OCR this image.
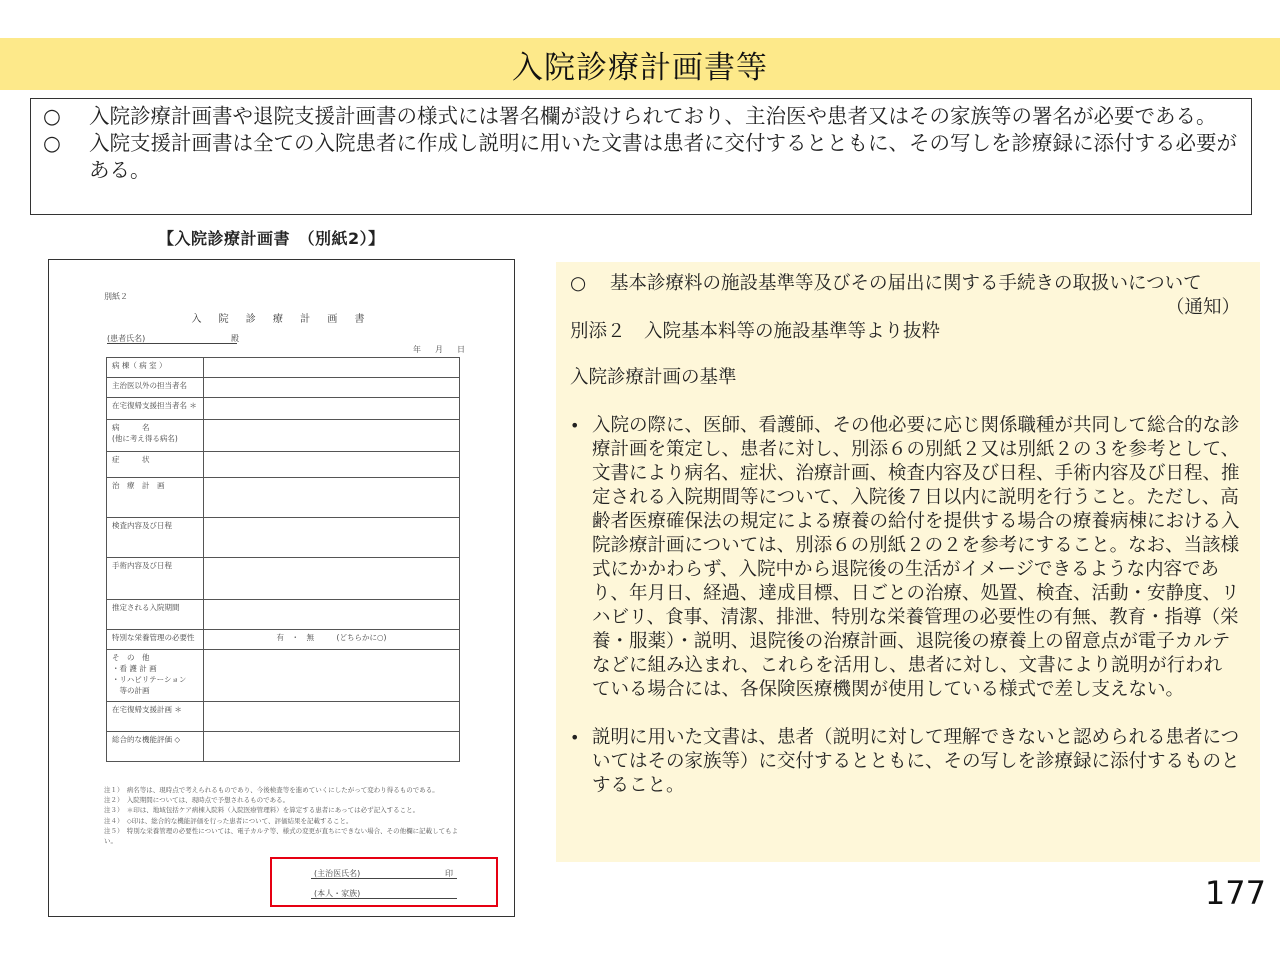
入院診療計画書等
○	入院診療計画書や退院支援計画書の様式には署名欄が設けられており、主治医や患者又はその家族等の署名が必要である。
○	入院支援計画書は全ての入院患者に作成し説明に用いた文書は患者に交付するとともに、その写しを診療録に添付する必要がある。
【入院診療計画書　（別紙2）】
別紙２
入 院 診 療 計 画 書
(患者氏名)	殿
年　月　日
病 棟（ 病 室 ）	
主治医以外の担当者名	
在宅復帰支援担当者名 ＊	
病　　　名
(他に考え得る病名)	
症　　　状	
治　療　計　画	
検査内容及び日程	
手術内容及び日程	
推定される入院期間	
特別な栄養管理の必要性	有　・　無　　　(どちらかに○)
そ　の　他
・看 護 計 画
・リハビリテーション
　等の計画	
在宅復帰支援計画 ＊	
総合的な機能評価 ◇	
注１）　病名等は、現時点で考えられるものであり、今後検査等を進めていくにしたがって変わり得るものである。
注２）　入院期間については、現時点で予想されるものである。
注３）　＊印は、地域包括ケア病棟入院料（入院医療管理料）を算定する患者にあっては必ず記入すること。
注４）　◇印は、総合的な機能評価を行った患者について、評価結果を記載すること。
注５）　特別な栄養管理の必要性については、電子カルテ等、様式の変更が直ちにできない場合、その他欄に記載してもよい。
(主治医氏名)	印
(本人・家族)
○	基本診療料の施設基準等及びその届出に関する手続きの取扱いについて

（通知）

別添２　入院基本料等の施設基準等より抜粋

入院診療計画の基準

• 入院の際に、医師、看護師、その他必要に応じ関係職種が共同して総合的な診療計画を策定し、患者に対し、別添６の別紙２又は別紙２の３を参考として、文書により病名、症状、治療計画、検査内容及び日程、手術内容及び日程、推定される入院期間等について、入院後７日以内に説明を行うこと。ただし、高齢者医療確保法の規定による療養の給付を提供する場合の療養病棟における入院診療計画については、別添６の別紙２の２を参考にすること。なお、当該様式にかかわらず、入院中から退院後の生活がイメージできるような内容であり、年月日、経過、達成目標、日ごとの治療、処置、検査、活動・安静度、リハビリ、食事、清潔、排泄、特別な栄養管理の必要性の有無、教育・指導（栄養・服薬）・説明、退院後の治療計画、退院後の療養上の留意点が電子カルテなどに組み込まれ、これらを活用し、患者に対し、文書により説明が行われている場合には、各保険医療機関が使用している様式で差し支えない。
• 説明に用いた文書は、患者（説明に対して理解できないと認められる患者についてはその家族等）に交付するとともに、その写しを診療録に添付するものとすること。
177
